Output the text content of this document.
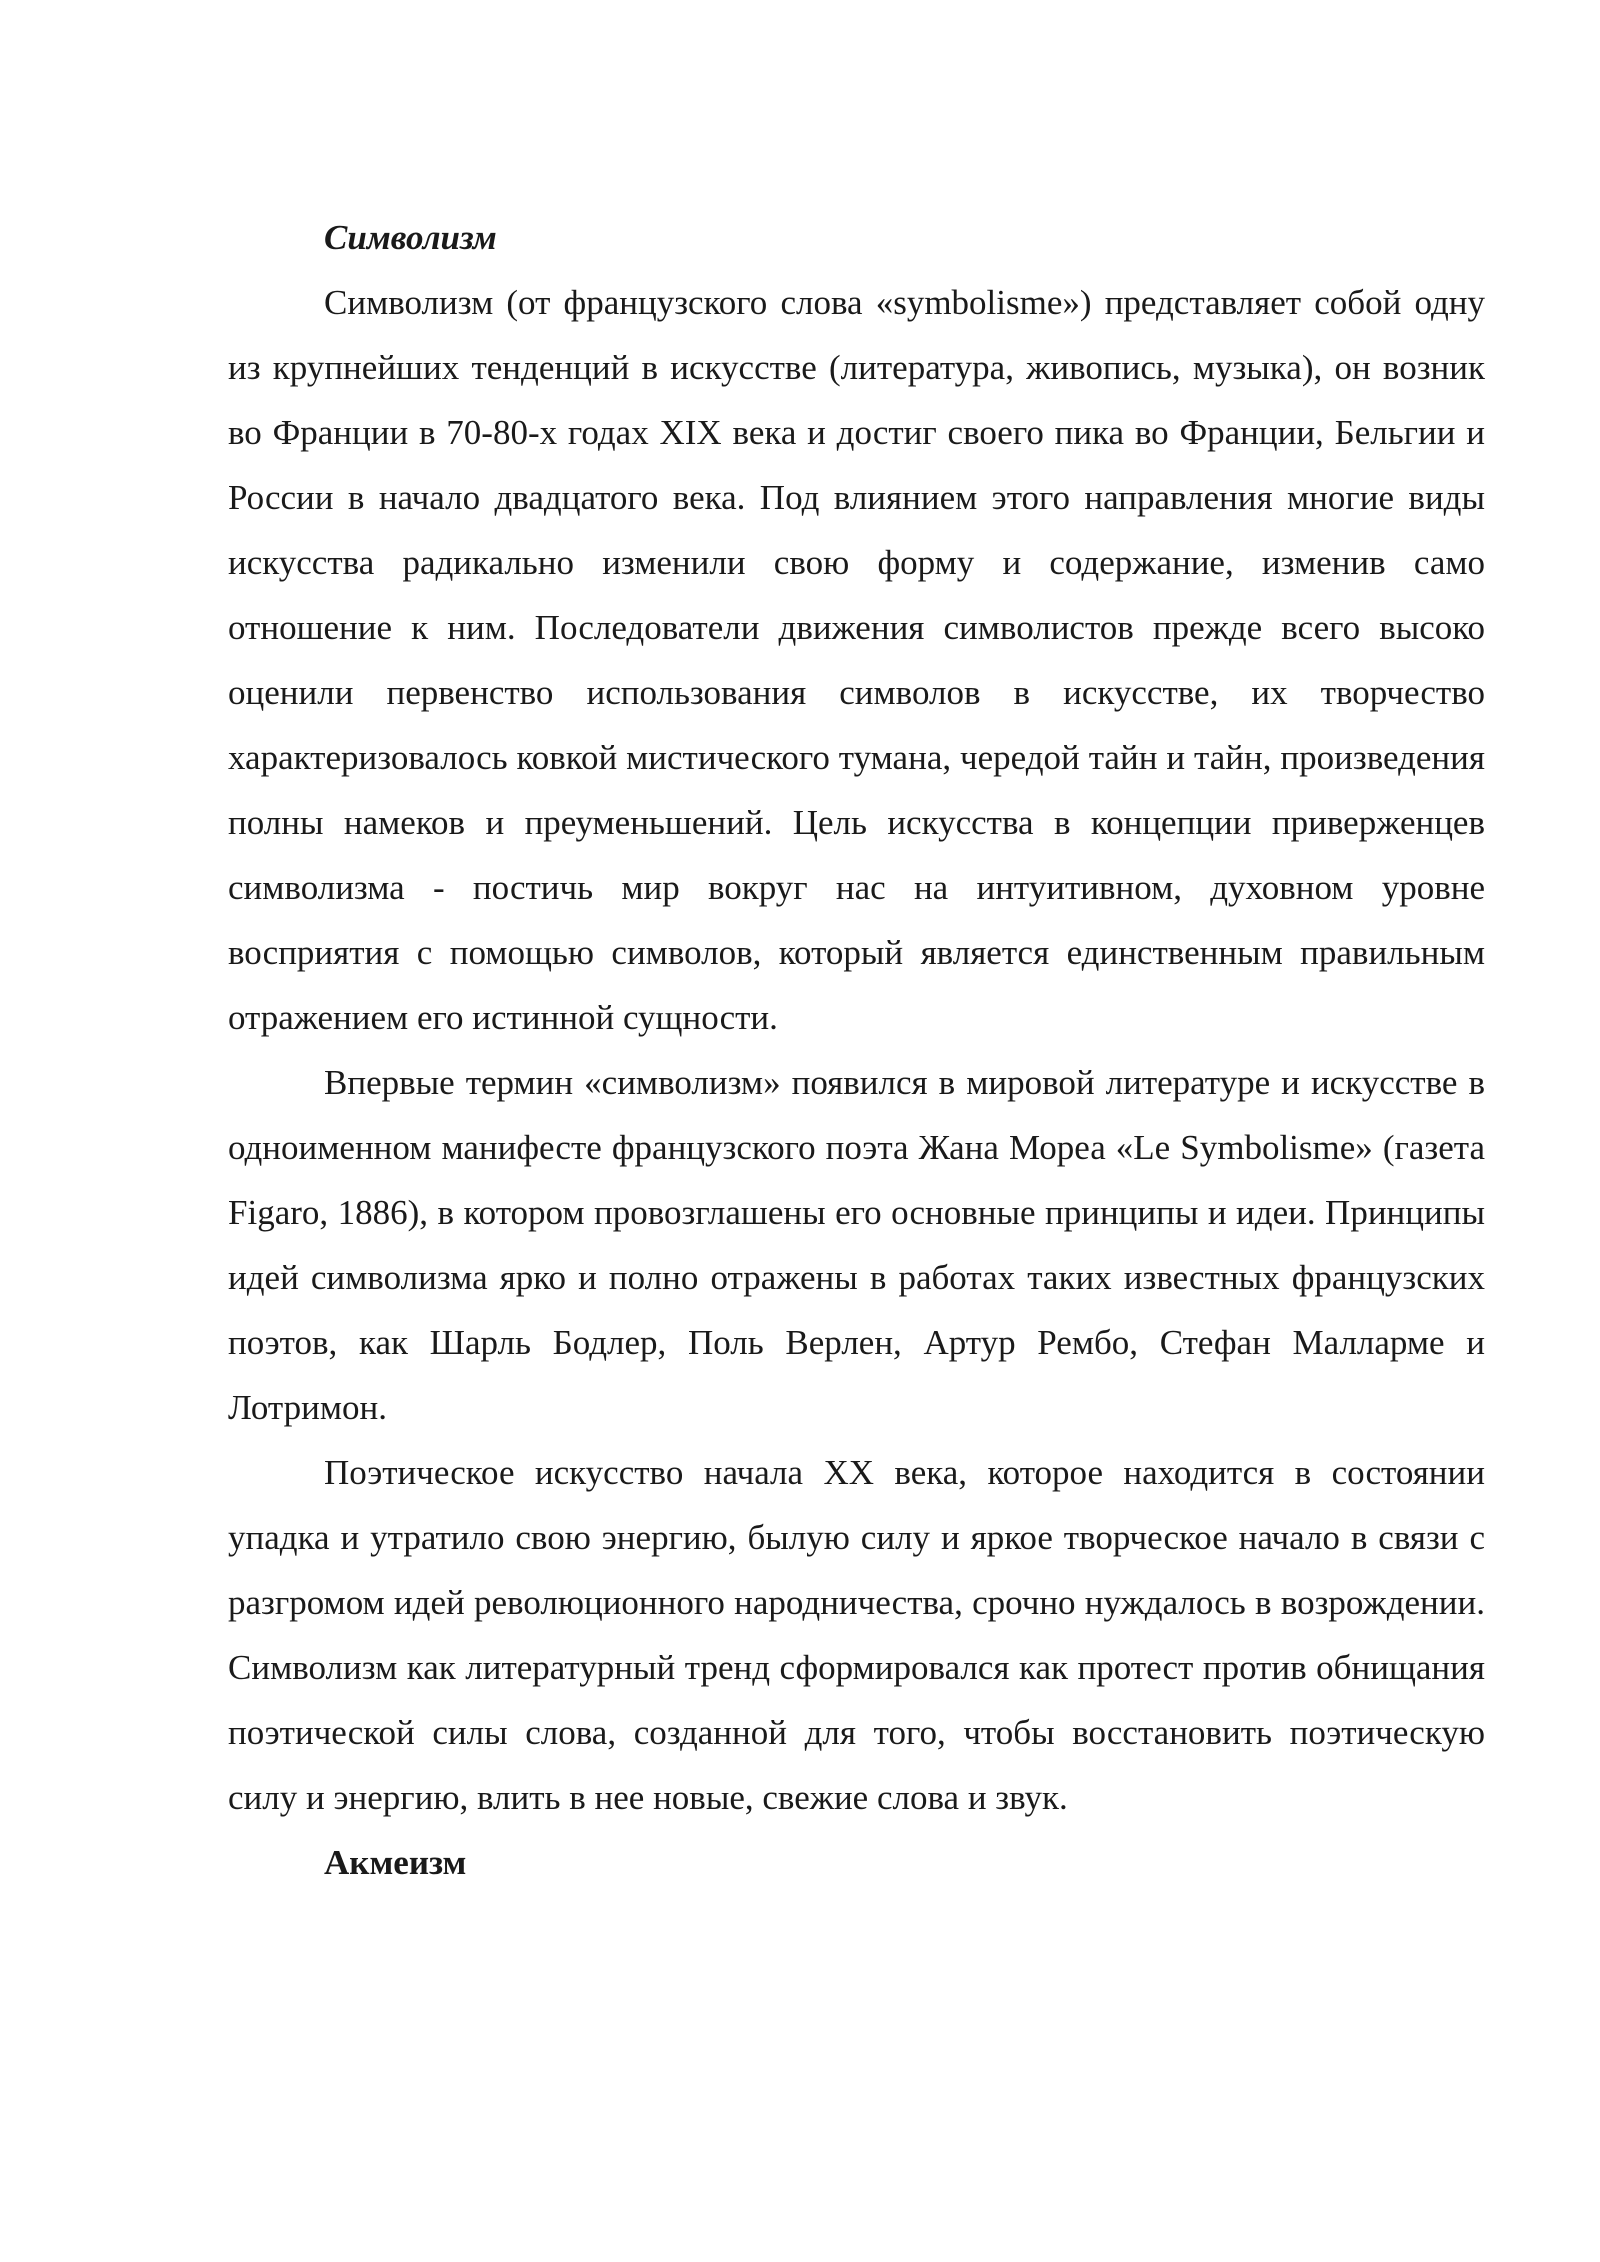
Символизм

Символизм (от французского слова «symbolisme») представляет собой одну из крупнейших тенденций в искусстве (литература, живопись, музыка), он возник во Франции в 70-80-х годах XIX века и достиг своего пика во Франции, Бельгии и России в начало двадцатого века. Под влиянием этого направления многие виды искусства радикально изменили свою форму и содержание, изменив само отношение к ним. Последователи движения символистов прежде всего высоко оценили первенство использования символов в искусстве, их творчество характеризовалось ковкой мистического тумана, чередой тайн и тайн, произведения полны намеков и преуменьшений. Цель искусства в концепции приверженцев символизма - постичь мир вокруг нас на интуитивном, духовном уровне восприятия с помощью символов, который является единственным правильным отражением его истинной сущности.

Впервые термин «символизм» появился в мировой литературе и искусстве в одноименном манифесте французского поэта Жана Мореа «Le Symbolisme» (газета Figaro, 1886), в котором провозглашены его основные принципы и идеи. Принципы идей символизма ярко и полно отражены в работах таких известных французских поэтов, как Шарль Бодлер, Поль Верлен, Артур Рембо, Стефан Малларме и Лотримон.

Поэтическое искусство начала XX века, которое находится в состоянии упадка и утратило свою энергию, былую силу и яркое творческое начало в связи с разгромом идей революционного народничества, срочно нуждалось в возрождении. Символизм как литературный тренд сформировался как протест против обнищания поэтической силы слова, созданной для того, чтобы восстановить поэтическую силу и энергию, влить в нее новые, свежие слова и звук.

Акмеизм
